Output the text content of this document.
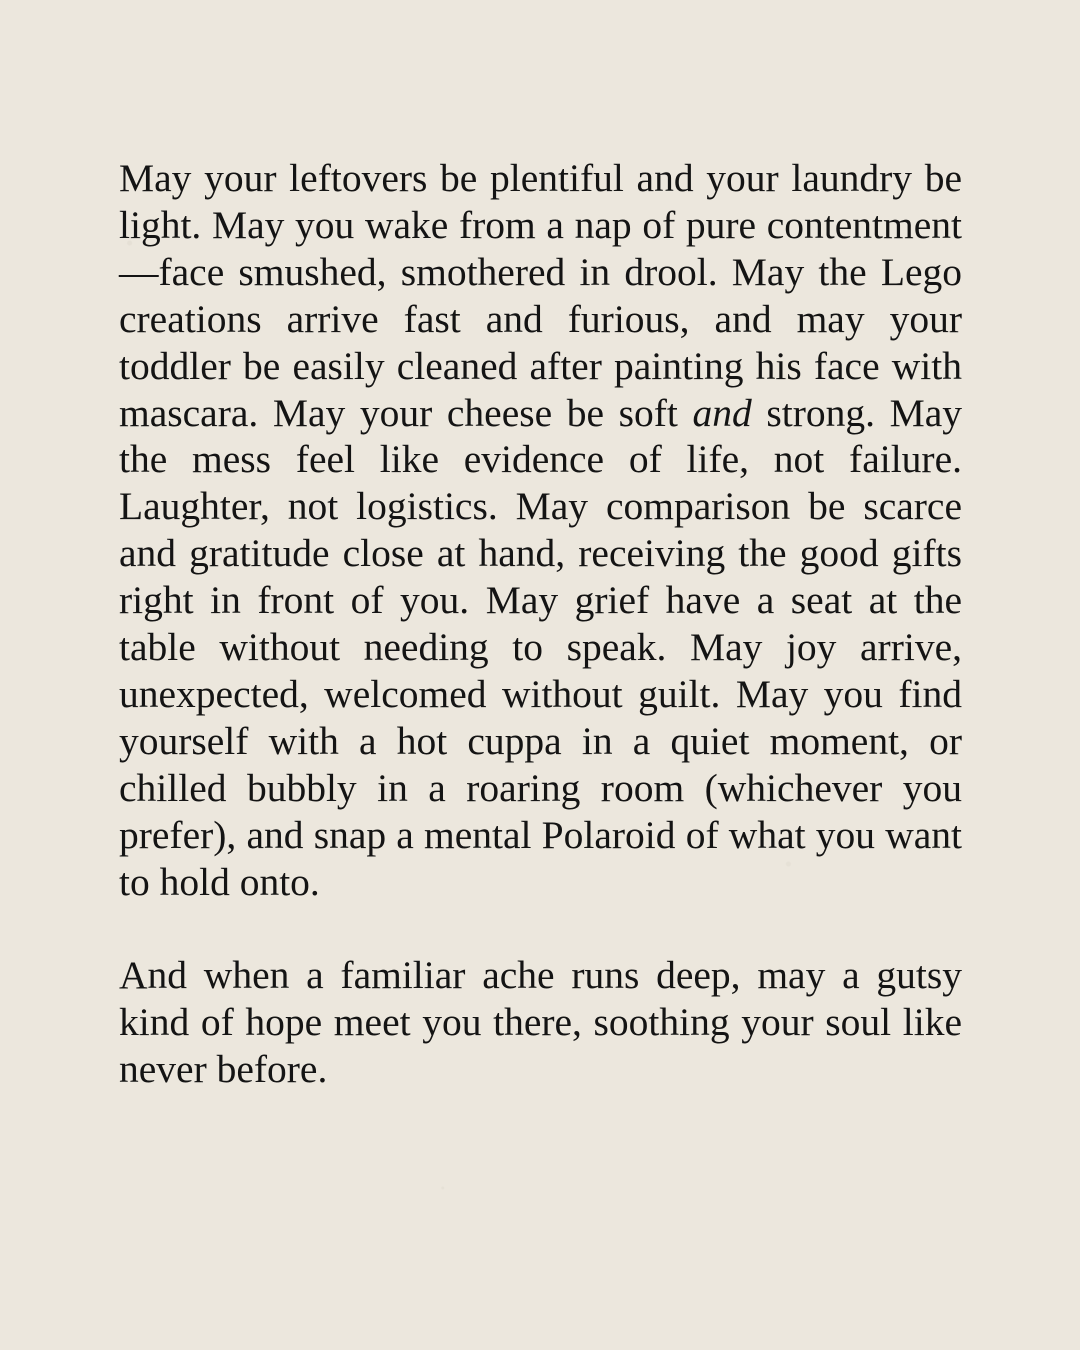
May your leftovers be plentiful and your laundry be light. May you wake from a nap of pure contentment—face smushed, smothered in drool. May the Lego creations arrive fast and furious, and may your toddler be easily cleaned after painting his face with mascara. May your cheese be soft and strong. May the mess feel like evidence of life, not failure. Laughter, not logistics. May comparison be scarce and gratitude close at hand, receiving the good gifts right in front of you. May grief have a seat at the table without needing to speak. May joy arrive, unexpected, welcomed without guilt. May you find yourself with a hot cuppa in a quiet moment, or chilled bubbly in a roaring room (whichever you prefer), and snap a mental Polaroid of what you want to hold onto.

And when a familiar ache runs deep, may a gutsy kind of hope meet you there, soothing your soul like never before.
